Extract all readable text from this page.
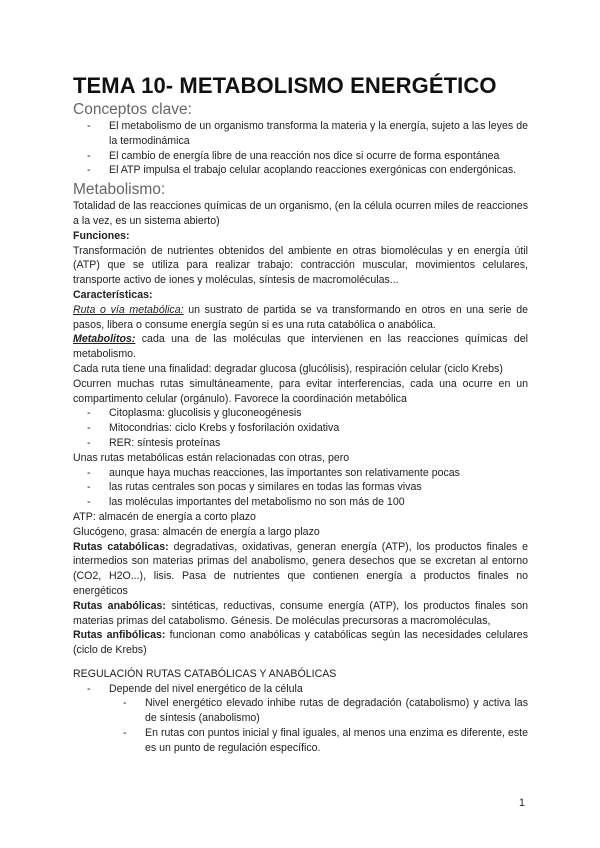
TEMA 10- METABOLISMO ENERGÉTICO
Conceptos clave:
- El metabolismo de un organismo transforma la materia y la energía, sujeto a las leyes de la termodinámica
- El cambio de energía libre de una reacción nos dice si ocurre de forma espontánea
- El ATP impulsa el trabajo celular acoplando reacciones exergónicas con endergónicas.
Metabolismo:

Totalidad de las reacciones químicas de un organismo, (en la célula ocurren miles de reacciones a la vez, es un sistema abierto)

Funciones:

Transformación de nutrientes obtenidos del ambiente en otras biomoléculas y en energía útil (ATP) que se utiliza para realizar trabajo: contracción muscular, movimientos celulares, transporte activo de iones y moléculas, síntesis de macromoléculas...

Características:

Ruta o vía metabólica: un sustrato de partida se va transformando en otros en una serie de pasos, libera o consume energía según si es una ruta catabólica o anabólica.

Metabolitos: cada una de las moléculas que intervienen en las reacciones químicas del metabolismo.

Cada ruta tiene una finalidad: degradar glucosa (glucólisis), respiración celular (ciclo Krebs)

Ocurren muchas rutas simultáneamente, para evitar interferencias, cada una ocurre en un compartimento celular (orgánulo). Favorece la coordinación metabólica

- Citoplasma: glucolisis y gluconeogénesis
- Mitocondrias: ciclo Krebs y fosforilación oxidativa
- RER: síntesis proteínas

Unas rutas metabólicas están relacionadas con otras, pero

- aunque haya muchas reacciones, las importantes son relativamente pocas
- las rutas centrales son pocas y similares en todas las formas vivas
- las moléculas importantes del metabolismo no son más de 100

ATP: almacén de energía a corto plazo

Glucógeno, grasa: almacén de energía a largo plazo

Rutas catabólicas: degradativas, oxidativas, generan energía (ATP), los productos finales e intermedios son materias primas del anabolismo, genera desechos que se excretan al entorno (CO2, H2O...), lisis. Pasa de nutrientes que contienen energía a productos finales no energéticos

Rutas anabólicas: sintéticas, reductivas, consume energía (ATP), los productos finales son materias primas del catabolismo. Génesis. De moléculas precursoras a macromoléculas,

Rutas anfibólicas: funcionan como anabólicas y catabólicas según las necesidades celulares (ciclo de Krebs)

REGULACIÓN RUTAS CATABÓLICAS Y ANABÓLICAS

- Depende del nivel energético de la célula
- Nivel energético elevado inhibe rutas de degradación (catabolismo) y activa las de síntesis (anabolismo)
- En rutas con puntos inicial y final iguales, al menos una enzima es diferente, este es un punto de regulación específico.
1
